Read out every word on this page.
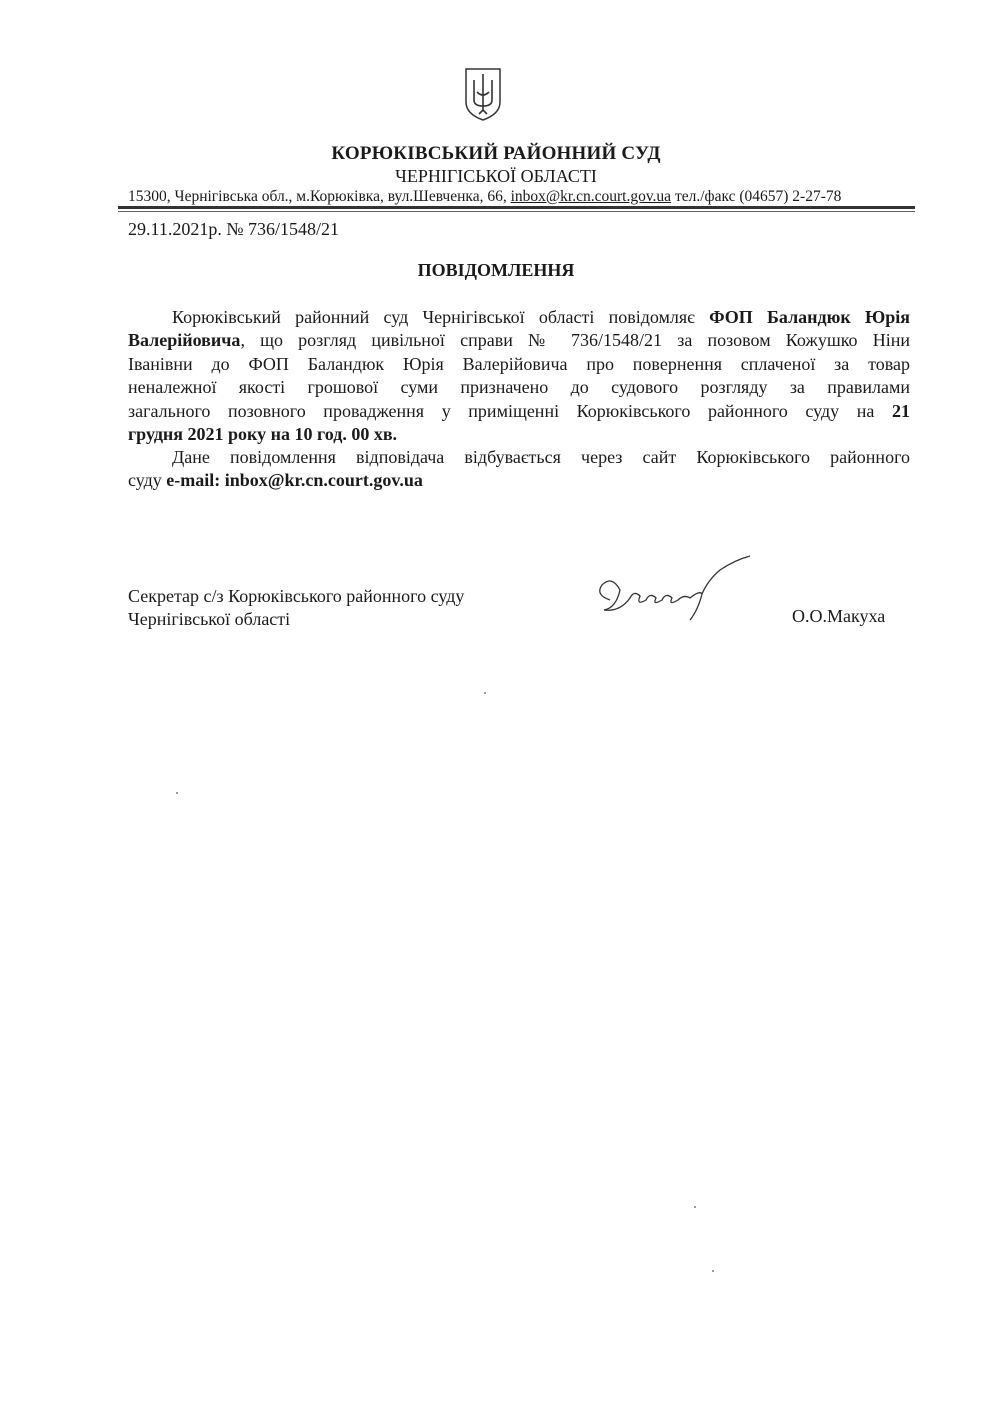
КОРЮКІВСЬКИЙ РАЙОННИЙ СУД
ЧЕРНІГІСЬКОЇ ОБЛАСТІ
15300, Чернігівська обл., м.Корюківка, вул.Шевченка, 66, inbox@kr.cn.court.gov.ua тел./факс (04657) 2-27-78
29.11.2021р. № 736/1548/21
ПОВІДОМЛЕННЯ
Корюківський районний суд Чернігівської області повідомляє ФОП Баландюк Юрія
Валерійовича, що розгляд цивільної справи № 736/1548/21 за позовом Кожушко Ніни
Іванівни до ФОП Баландюк Юрія Валерійовича про повернення сплаченої за товар
неналежної якості грошової суми призначено до судового розгляду за правилами
загального позовного провадження у приміщенні Корюківського районного суду на 21
грудня 2021 року на 10 год. 00 хв.
Дане повідомлення відповідача відбувається через сайт Корюківського районного
суду e-mail: inbox@kr.cn.court.gov.ua
Секретар с/з Корюківського районного суду
Чернігівської області	О.О.Макуха
